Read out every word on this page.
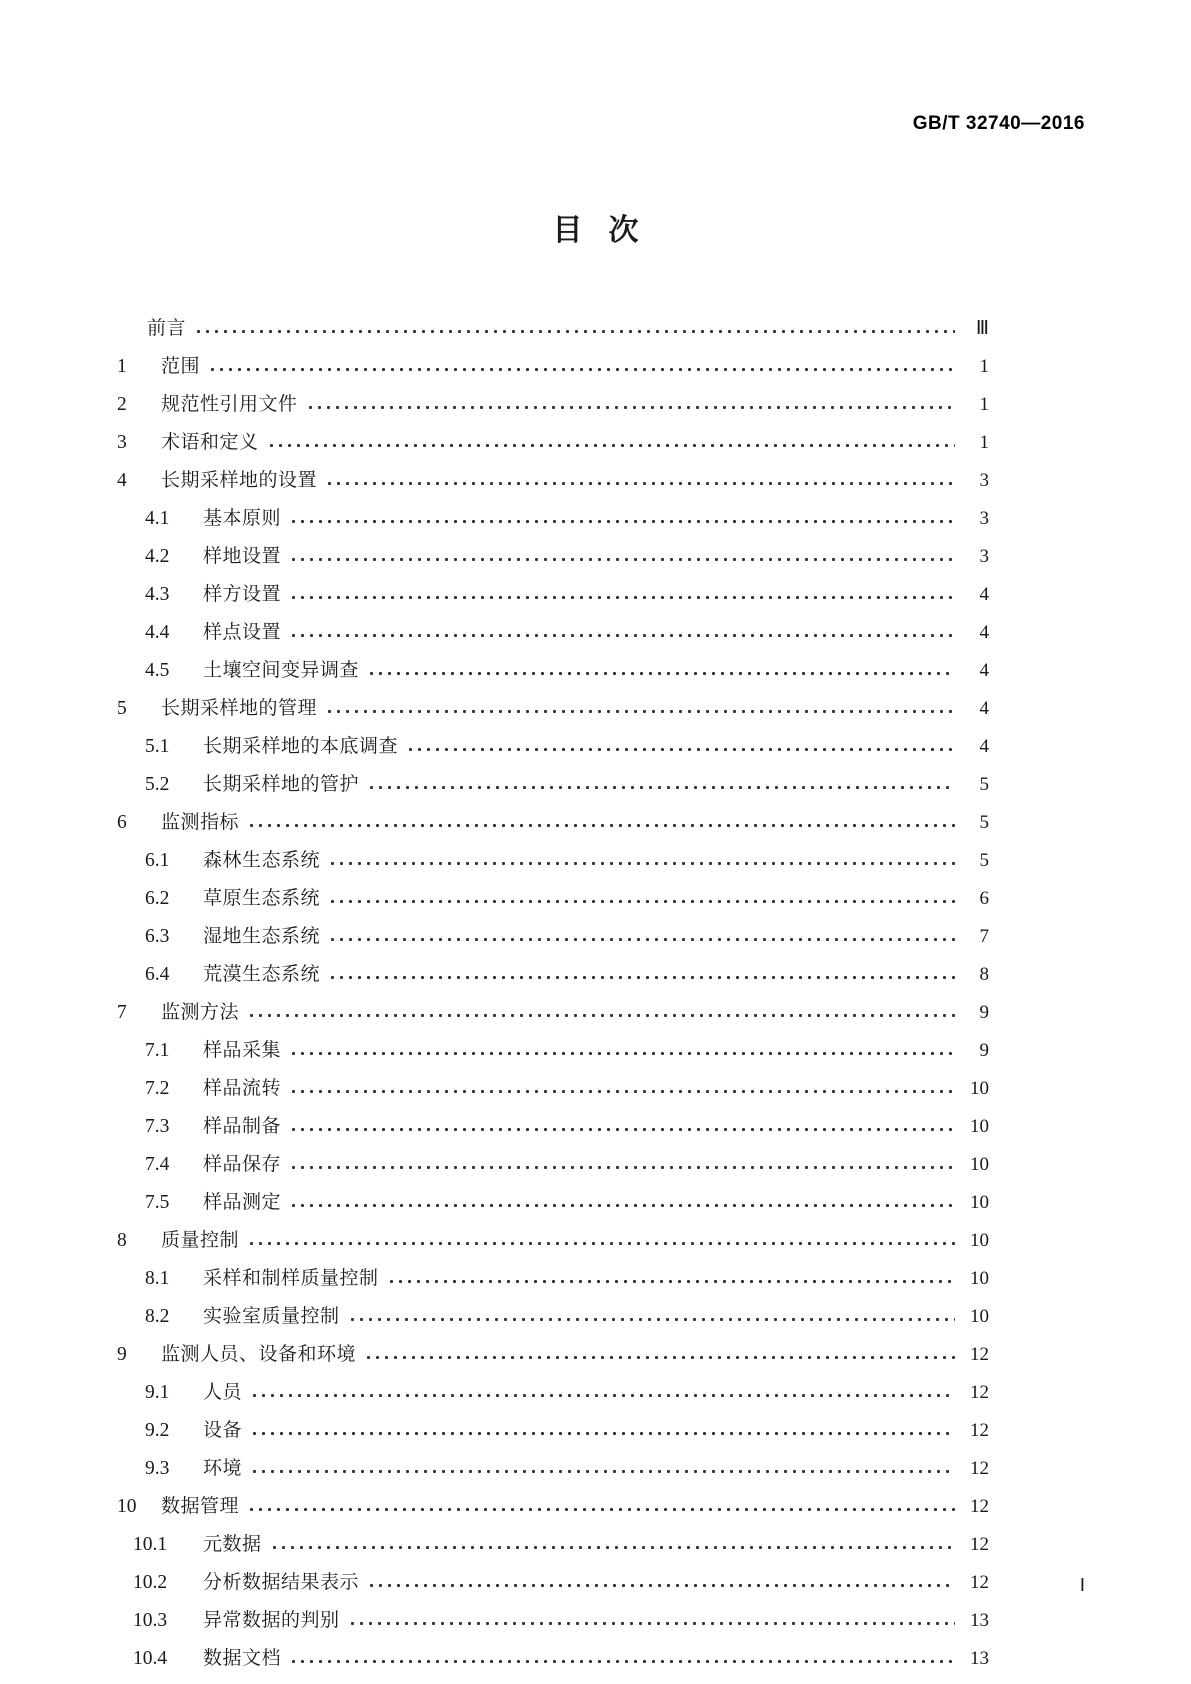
GB/T 32740—2016
目次
前言	Ⅲ
1	范围	1
2	规范性引用文件	1
3	术语和定义	1
4	长期采样地的设置	3
4.1	基本原则	3
4.2	样地设置	3
4.3	样方设置	4
4.4	样点设置	4
4.5	土壤空间变异调查	4
5	长期采样地的管理	4
5.1	长期采样地的本底调查	4
5.2	长期采样地的管护	5
6	监测指标	5
6.1	森林生态系统	5
6.2	草原生态系统	6
6.3	湿地生态系统	7
6.4	荒漠生态系统	8
7	监测方法	9
7.1	样品采集	9
7.2	样品流转	10
7.3	样品制备	10
7.4	样品保存	10
7.5	样品测定	10
8	质量控制	10
8.1	采样和制样质量控制	10
8.2	实验室质量控制	10
9	监测人员、设备和环境	12
9.1	人员	12
9.2	设备	12
9.3	环境	12
10	数据管理	12
10.1	元数据	12
10.2	分析数据结果表示	12
10.3	异常数据的判别	13
10.4	数据文档	13
Ⅰ
